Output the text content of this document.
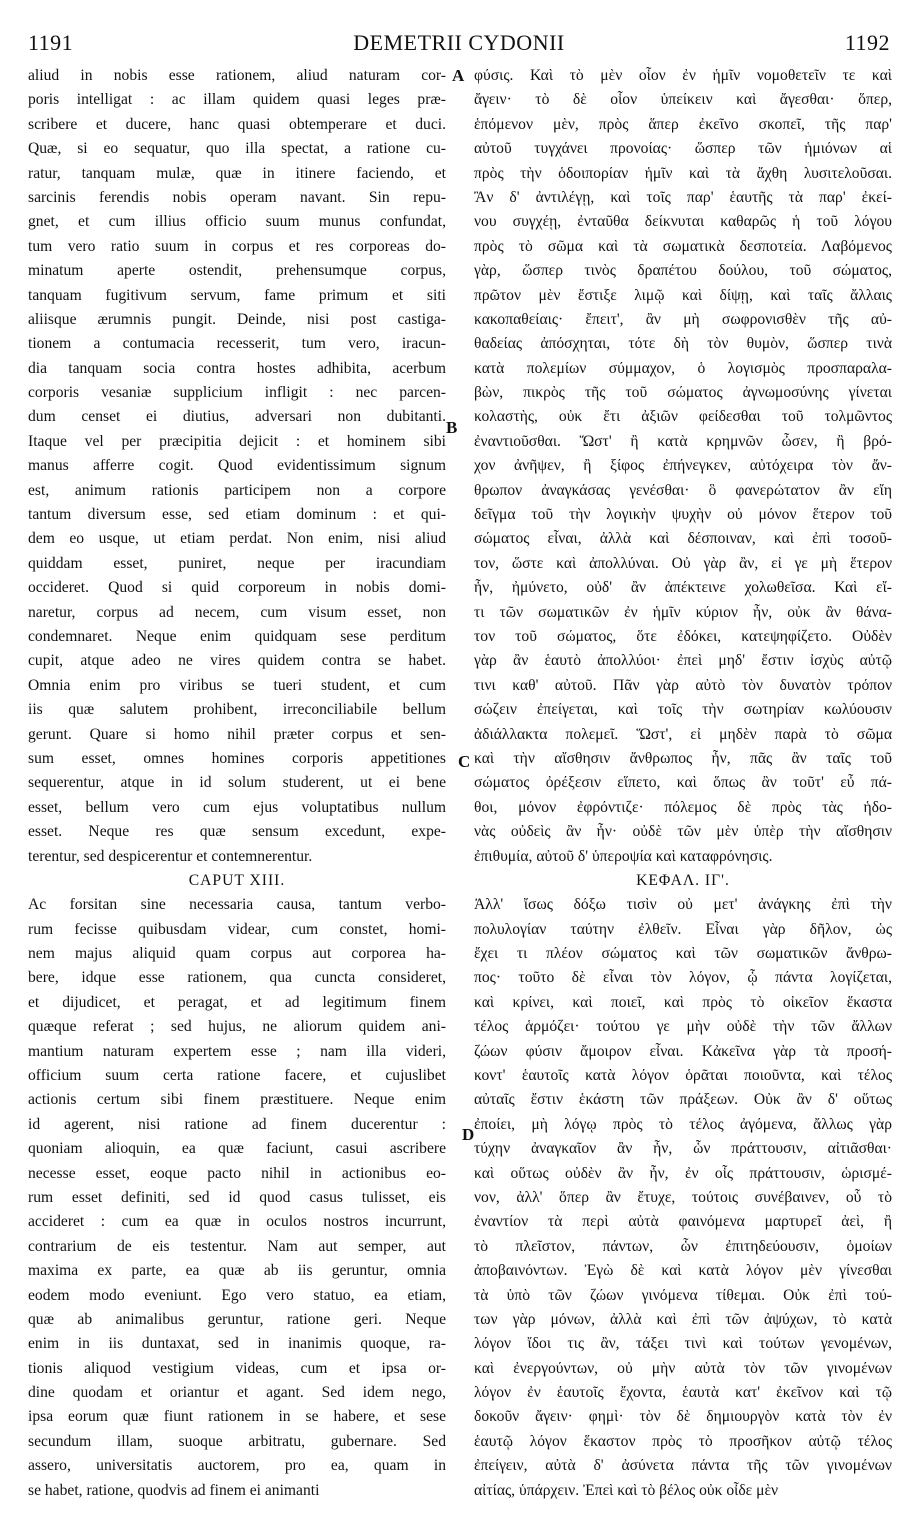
1191	DEMETRII CYDONII	1192
aliud in nobis esse rationem, aliud naturam cor-
poris intelligat : ac illam quidem quasi leges præ-
scribere et ducere, hanc quasi obtemperare et duci.
Quæ, si eo sequatur, quo illa spectat, a ratione cu-
ratur, tanquam mulæ, quæ in itinere faciendo, et
sarcinis ferendis nobis operam navant. Sin repu-
gnet, et cum illius officio suum munus confundat,
tum vero ratio suum in corpus et res corporeas do-
minatum aperte ostendit, prehensumque corpus,
tanquam fugitivum servum, fame primum et siti
aliisque ærumnis pungit. Deinde, nisi post castiga-
tionem a contumacia recesserit, tum vero, iracun-
dia tanquam socia contra hostes adhibita, acerbum
corporis vesaniæ supplicium infligit : nec parcen-
dum censet ei diutius, adversari non dubitanti.
Itaque vel per præcipitia dejicit : et hominem sibi
manus afferre cogit. Quod evidentissimum signum
est, animum rationis participem non a corpore
tantum diversum esse, sed etiam dominum : et qui-
dem eo usque, ut etiam perdat. Non enim, nisi aliud
quiddam esset, puniret, neque per iracundiam
occideret. Quod si quid corporeum in nobis domi-
naretur, corpus ad necem, cum visum esset, non
condemnaret. Neque enim quidquam sese perditum
cupit, atque adeo ne vires quidem contra se habet.
Omnia enim pro viribus se tueri student, et cum
iis quæ salutem prohibent, irreconciliabile bellum
gerunt. Quare si homo nihil præter corpus et sen-
sum esset, omnes homines corporis appetitiones
sequerentur, atque in id solum studerent, ut ei bene
esset, bellum vero cum ejus voluptatibus nullum
esset. Neque res quæ sensum excedunt, expe-
terentur, sed despicerentur et contemnerentur.
CAPUT XIII.
Ac forsitan sine necessaria causa, tantum verbo-
rum fecisse quibusdam videar, cum constet, homi-
nem majus aliquid quam corpus aut corporea ha-
bere, idque esse rationem, qua cuncta consideret,
et dijudicet, et peragat, et ad legitimum finem
quæque referat ; sed hujus, ne aliorum quidem ani-
mantium naturam expertem esse ; nam illa videri,
officium suum certa ratione facere, et cujuslibet
actionis certum sibi finem præstituere. Neque enim
id agerent, nisi ratione ad finem ducerentur :
quoniam alioquin, ea quæ faciunt, casui ascribere
necesse esset, eoque pacto nihil in actionibus eo-
rum esset definiti, sed id quod casus tulisset, eis
accideret : cum ea quæ in oculos nostros incurrunt,
contrarium de eis testentur. Nam aut semper, aut
maxima ex parte, ea quæ ab iis geruntur, omnia
eodem modo eveniunt. Ego vero statuo, ea etiam,
quæ ab animalibus geruntur, ratione geri. Neque
enim in iis duntaxat, sed in inanimis quoque, ra-
tionis aliquod vestigium videas, cum et ipsa or-
dine quodam et oriantur et agant. Sed idem nego,
ipsa eorum quæ fiunt rationem in se habere, et sese
secundum illam, suoque arbitratu, gubernare. Sed
assero, universitatis auctorem, pro ea, quam in
se habet, ratione, quodvis ad finem ei animanti
φύσις. Καὶ τὸ μὲν οἷον ἐν ἡμῖν νομοθετεῖν τε καὶ
ἄγειν· τὸ δὲ οἷον ὑπείκειν καὶ ἄγεσθαι· ὅπερ,
ἑπόμενον μὲν, πρὸς ἅπερ ἐκεῖνο σκοπεῖ, τῆς παρ'
αὐτοῦ τυγχάνει προνοίας· ὥσπερ τῶν ἡμιόνων αἱ
πρὸς τὴν ὁδοιπορίαν ἡμῖν καὶ τὰ ἄχθη λυσιτελοῦσαι.
Ἂν δ' ἀντιλέγῃ, καὶ τοῖς παρ' ἑαυτῆς τὰ παρ' ἐκεί-
νου συγχέῃ, ἐνταῦθα δείκνυται καθαρῶς ἡ τοῦ λόγου
πρὸς τὸ σῶμα καὶ τὰ σωματικὰ δεσποτεία. Λαβόμενος
γὰρ, ὥσπερ τινὸς δραπέτου δούλου, τοῦ σώματος,
πρῶτον μὲν ἔστιξε λιμῷ καὶ δίψῃ, καὶ ταῖς ἄλλαις
κακοπαθείαις· ἔπειτ', ἂν μὴ σωφρονισθὲν τῆς αὐ-
θαδείας ἀπόσχηται, τότε δὴ τὸν θυμὸν, ὥσπερ τινὰ
κατὰ πολεμίων σύμμαχον, ὁ λογισμὸς προσπαραλα-
βὼν, πικρὸς τῆς τοῦ σώματος ἀγνωμοσύνης γίνεται
κολαστὴς, οὐκ ἔτι ἀξιῶν φείδεσθαι τοῦ τολμῶντος
ἐναντιοῦσθαι. Ὥστ' ἢ κατὰ κρημνῶν ὦσεν, ἢ βρό-
χον ἀνῆψεν, ἢ ξίφος ἐπήνεγκεν, αὐτόχειρα τὸν ἄν-
θρωπον ἀναγκάσας γενέσθαι· ὃ φανερώτατον ἂν εἴη
δεῖγμα τοῦ τὴν λογικὴν ψυχὴν οὐ μόνον ἕτερον τοῦ
σώματος εἶναι, ἀλλὰ καὶ δέσποιναν, καὶ ἐπὶ τοσοῦ-
τον, ὥστε καὶ ἀπολλύναι. Οὐ γὰρ ἂν, εἰ γε μὴ ἕτερον
ἦν, ἠμύνετο, οὐδ' ἂν ἀπέκτεινε χολωθεῖσα. Καὶ εἴ-
τι τῶν σωματικῶν ἐν ἡμῖν κύριον ἦν, οὐκ ἂν θάνα-
τον τοῦ σώματος, ὅτε ἐδόκει, κατεψηφίζετο. Οὐδὲν
γὰρ ἂν ἑαυτὸ ἀπολλύοι· ἐπεὶ μηδ' ἔστιν ἰσχὺς αὐτῷ
τινι καθ' αὐτοῦ. Πᾶν γὰρ αὐτὸ τὸν δυνατὸν τρόπον
σώζειν ἐπείγεται, καὶ τοῖς τὴν σωτηρίαν κωλύουσιν
ἀδιάλλακτα πολεμεῖ. Ὥστ', εἰ μηδὲν παρὰ τὸ σῶμα
καὶ τὴν αἴσθησιν ἄνθρωπος ἦν, πᾶς ἂν ταῖς τοῦ
σώματος ὀρέξεσιν εἵπετο, καὶ ὅπως ἂν τοῦτ' εὖ πά-
θοι, μόνον ἐφρόντιζε· πόλεμος δὲ πρὸς τὰς ἡδο-
νὰς οὐδεὶς ἂν ἦν· οὐδὲ τῶν μὲν ὑπὲρ τὴν αἴσθησιν
ἐπιθυμία, αὐτοῦ δ' ὑπεροψία καὶ καταφρόνησις.
ΚΕΦΑΛ. ΙΓ'.
Ἀλλ' ἴσως δόξω τισὶν οὐ μετ' ἀνάγκης ἐπὶ τὴν
πολυλογίαν ταύτην ἐλθεῖν. Εἶναι γὰρ δῆλον, ὡς
ἔχει τι πλέον σώματος καὶ τῶν σωματικῶν ἄνθρω-
πος· τοῦτο δὲ εἶναι τὸν λόγον, ᾧ πάντα λογίζεται,
καὶ κρίνει, καὶ ποιεῖ, καὶ πρὸς τὸ οἰκεῖον ἕκαστα
τέλος ἁρμόζει· τούτου γε μὴν οὐδὲ τὴν τῶν ἄλλων
ζώων φύσιν ἄμοιρον εἶναι. Κἀκεῖνα γὰρ τὰ προσή-
κοντ' ἑαυτοῖς κατὰ λόγον ὁρᾶται ποιοῦντα, καὶ τέλος
αὐταῖς ἔστιν ἑκάστη τῶν πράξεων. Οὐκ ἂν δ' οὕτως
ἐποίει, μὴ λόγῳ πρὸς τὸ τέλος ἀγόμενα, ἄλλως γὰρ
τύχην ἀναγκαῖον ἂν ἦν, ὧν πράττουσιν, αἰτιᾶσθαι·
καὶ οὕτως οὐδὲν ἂν ἦν, ἐν οἷς πράττουσιν, ὡρισμέ-
νον, ἀλλ' ὅπερ ἂν ἔτυχε, τούτοις συνέβαινεν, οὗ τὸ
ἐναντίον τὰ περὶ αὐτὰ φαινόμενα μαρτυρεῖ ἀεὶ, ἢ
τὸ πλεῖστον, πάντων, ὧν ἐπιτηδεύουσιν, ὁμοίων
ἀποβαινόντων. Ἐγὼ δὲ καὶ κατὰ λόγον μὲν γίνεσθαι
τὰ ὑπὸ τῶν ζώων γινόμενα τίθεμαι. Οὐκ ἐπὶ τού-
των γὰρ μόνων, ἀλλὰ καὶ ἐπὶ τῶν ἀψύχων, τὸ κατὰ
λόγον ἴδοι τις ἂν, τάξει τινὶ καὶ τούτων γενομένων,
καὶ ἐνεργούντων, οὐ μὴν αὐτὰ τὸν τῶν γινομένων
λόγον ἐν ἑαυτοῖς ἔχοντα, ἑαυτὰ κατ' ἐκεῖνον καὶ τῷ
δοκοῦν ἄγειν· φημὶ· τὸν δὲ δημιουργὸν κατὰ τὸν ἐν
ἑαυτῷ λόγον ἕκαστον πρὸς τὸ προσῆκον αὐτῷ τέλος
ἐπείγειν, αὐτὰ δ' ἀσύνετα πάντα τῆς τῶν γινομένων
αἰτίας, ὑπάρχειν. Ἐπεὶ καὶ τὸ βέλος οὐκ οἶδε μὲν
A
B
C
D
